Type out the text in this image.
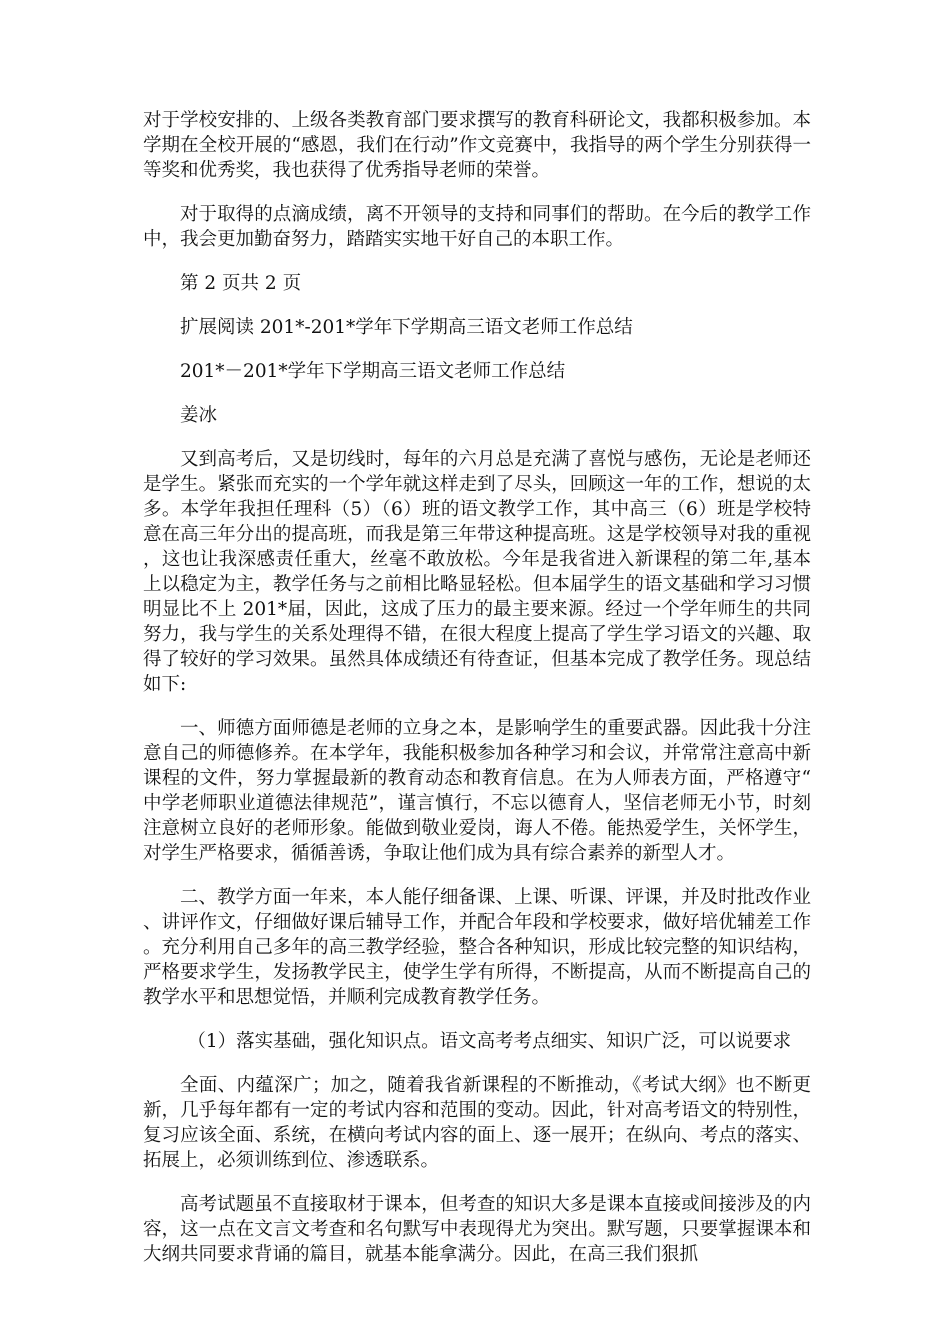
对于学校安排的、上级各类教育部门要求撰写的教育科研论文，我都积极参加。本学期在全校开展的“感恩，我们在行动”作文竞赛中，我指导的两个学生分别获得一等奖和优秀奖，我也获得了优秀指导老师的荣誉。

对于取得的点滴成绩，离不开领导的支持和同事们的帮助。在今后的教学工作中，我会更加勤奋努力，踏踏实实地干好自己的本职工作。

第 2 页共 2 页

扩展阅读 201*-201*学年下学期高三语文老师工作总结

201*－201*学年下学期高三语文老师工作总结

姜冰

又到高考后，又是切线时，每年的六月总是充满了喜悦与感伤，无论是老师还是学生。紧张而充实的一个学年就这样走到了尽头，回顾这一年的工作，想说的太多。本学年我担任理科（5）（6）班的语文教学工作，其中高三（6）班是学校特意在高三年分出的提高班，而我是第三年带这种提高班。这是学校领导对我的重视，这也让我深感责任重大，丝毫不敢放松。今年是我省进入新课程的第二年,基本上以稳定为主，教学任务与之前相比略显轻松。但本届学生的语文基础和学习习惯明显比不上 201*届，因此，这成了压力的最主要来源。经过一个学年师生的共同努力，我与学生的关系处理得不错，在很大程度上提高了学生学习语文的兴趣、取得了较好的学习效果。虽然具体成绩还有待查证，但基本完成了教学任务。现总结如下:

一、师德方面师德是老师的立身之本，是影响学生的重要武器。因此我十分注意自己的师德修养。在本学年，我能积极参加各种学习和会议，并常常注意高中新课程的文件，努力掌握最新的教育动态和教育信息。在为人师表方面，严格遵守“中学老师职业道德法律规范”，谨言慎行，不忘以德育人，坚信老师无小节，时刻注意树立良好的老师形象。能做到敬业爱岗，诲人不倦。能热爱学生，关怀学生，对学生严格要求，循循善诱，争取让他们成为具有综合素养的新型人才。

二、教学方面一年来，本人能仔细备课、上课、听课、评课，并及时批改作业、讲评作文，仔细做好课后辅导工作，并配合年段和学校要求，做好培优辅差工作。充分利用自己多年的高三教学经验，整合各种知识，形成比较完整的知识结构，严格要求学生，发扬教学民主，使学生学有所得，不断提高，从而不断提高自己的教学水平和思想觉悟，并顺利完成教育教学任务。

（1）落实基础，强化知识点。语文高考考点细实、知识广泛，可以说要求

全面、内蕴深广；加之，随着我省新课程的不断推动，《考试大纲》也不断更新，几乎每年都有一定的考试内容和范围的变动。因此，针对高考语文的特别性，复习应该全面、系统，在横向考试内容的面上、逐一展开；在纵向、考点的落实、拓展上，必须训练到位、渗透联系。

高考试题虽不直接取材于课本，但考查的知识大多是课本直接或间接涉及的内容，这一点在文言文考查和名句默写中表现得尤为突出。默写题，只要掌握课本和大纲共同要求背诵的篇目，就基本能拿满分。因此，在高三我们狠抓
